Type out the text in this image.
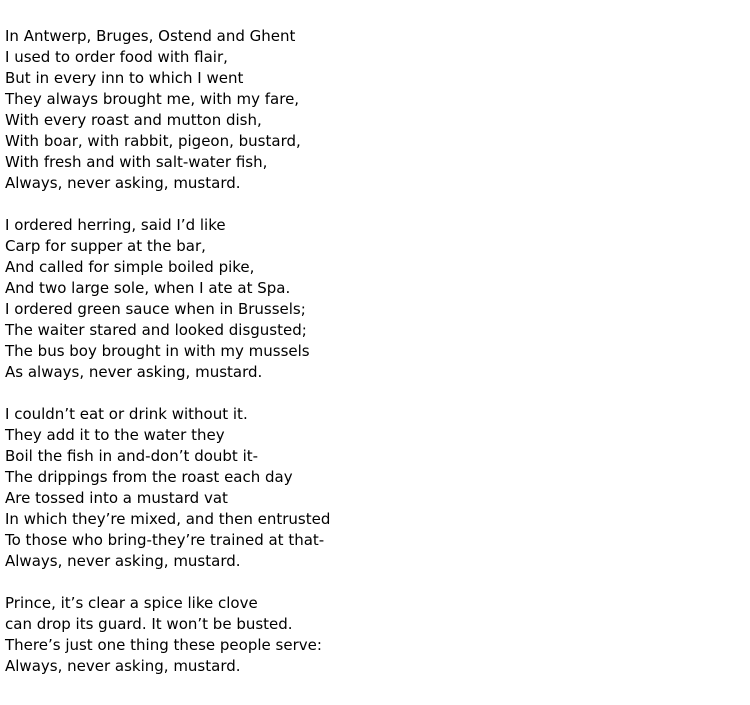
In Antwerp, Bruges, Ostend and Ghent
I used to order food with flair,
But in every inn to which I went
They always brought me, with my fare,
With every roast and mutton dish,
With boar, with rabbit, pigeon, bustard,
With fresh and with salt-water fish,
Always, never asking, mustard.
I ordered herring, said I’d like
Carp for supper at the bar,
And called for simple boiled pike,
And two large sole, when I ate at Spa.
I ordered green sauce when in Brussels;
The waiter stared and looked disgusted;
The bus boy brought in with my mussels
As always, never asking, mustard.
I couldn’t eat or drink without it.
They add it to the water they
Boil the fish in and-don’t doubt it-
The drippings from the roast each day
Are tossed into a mustard vat
In which they’re mixed, and then entrusted
To those who bring-they’re trained at that-
Always, never asking, mustard.
Prince, it’s clear a spice like clove
can drop its guard. It won’t be busted.
There’s just one thing these people serve:
Always, never asking, mustard.
